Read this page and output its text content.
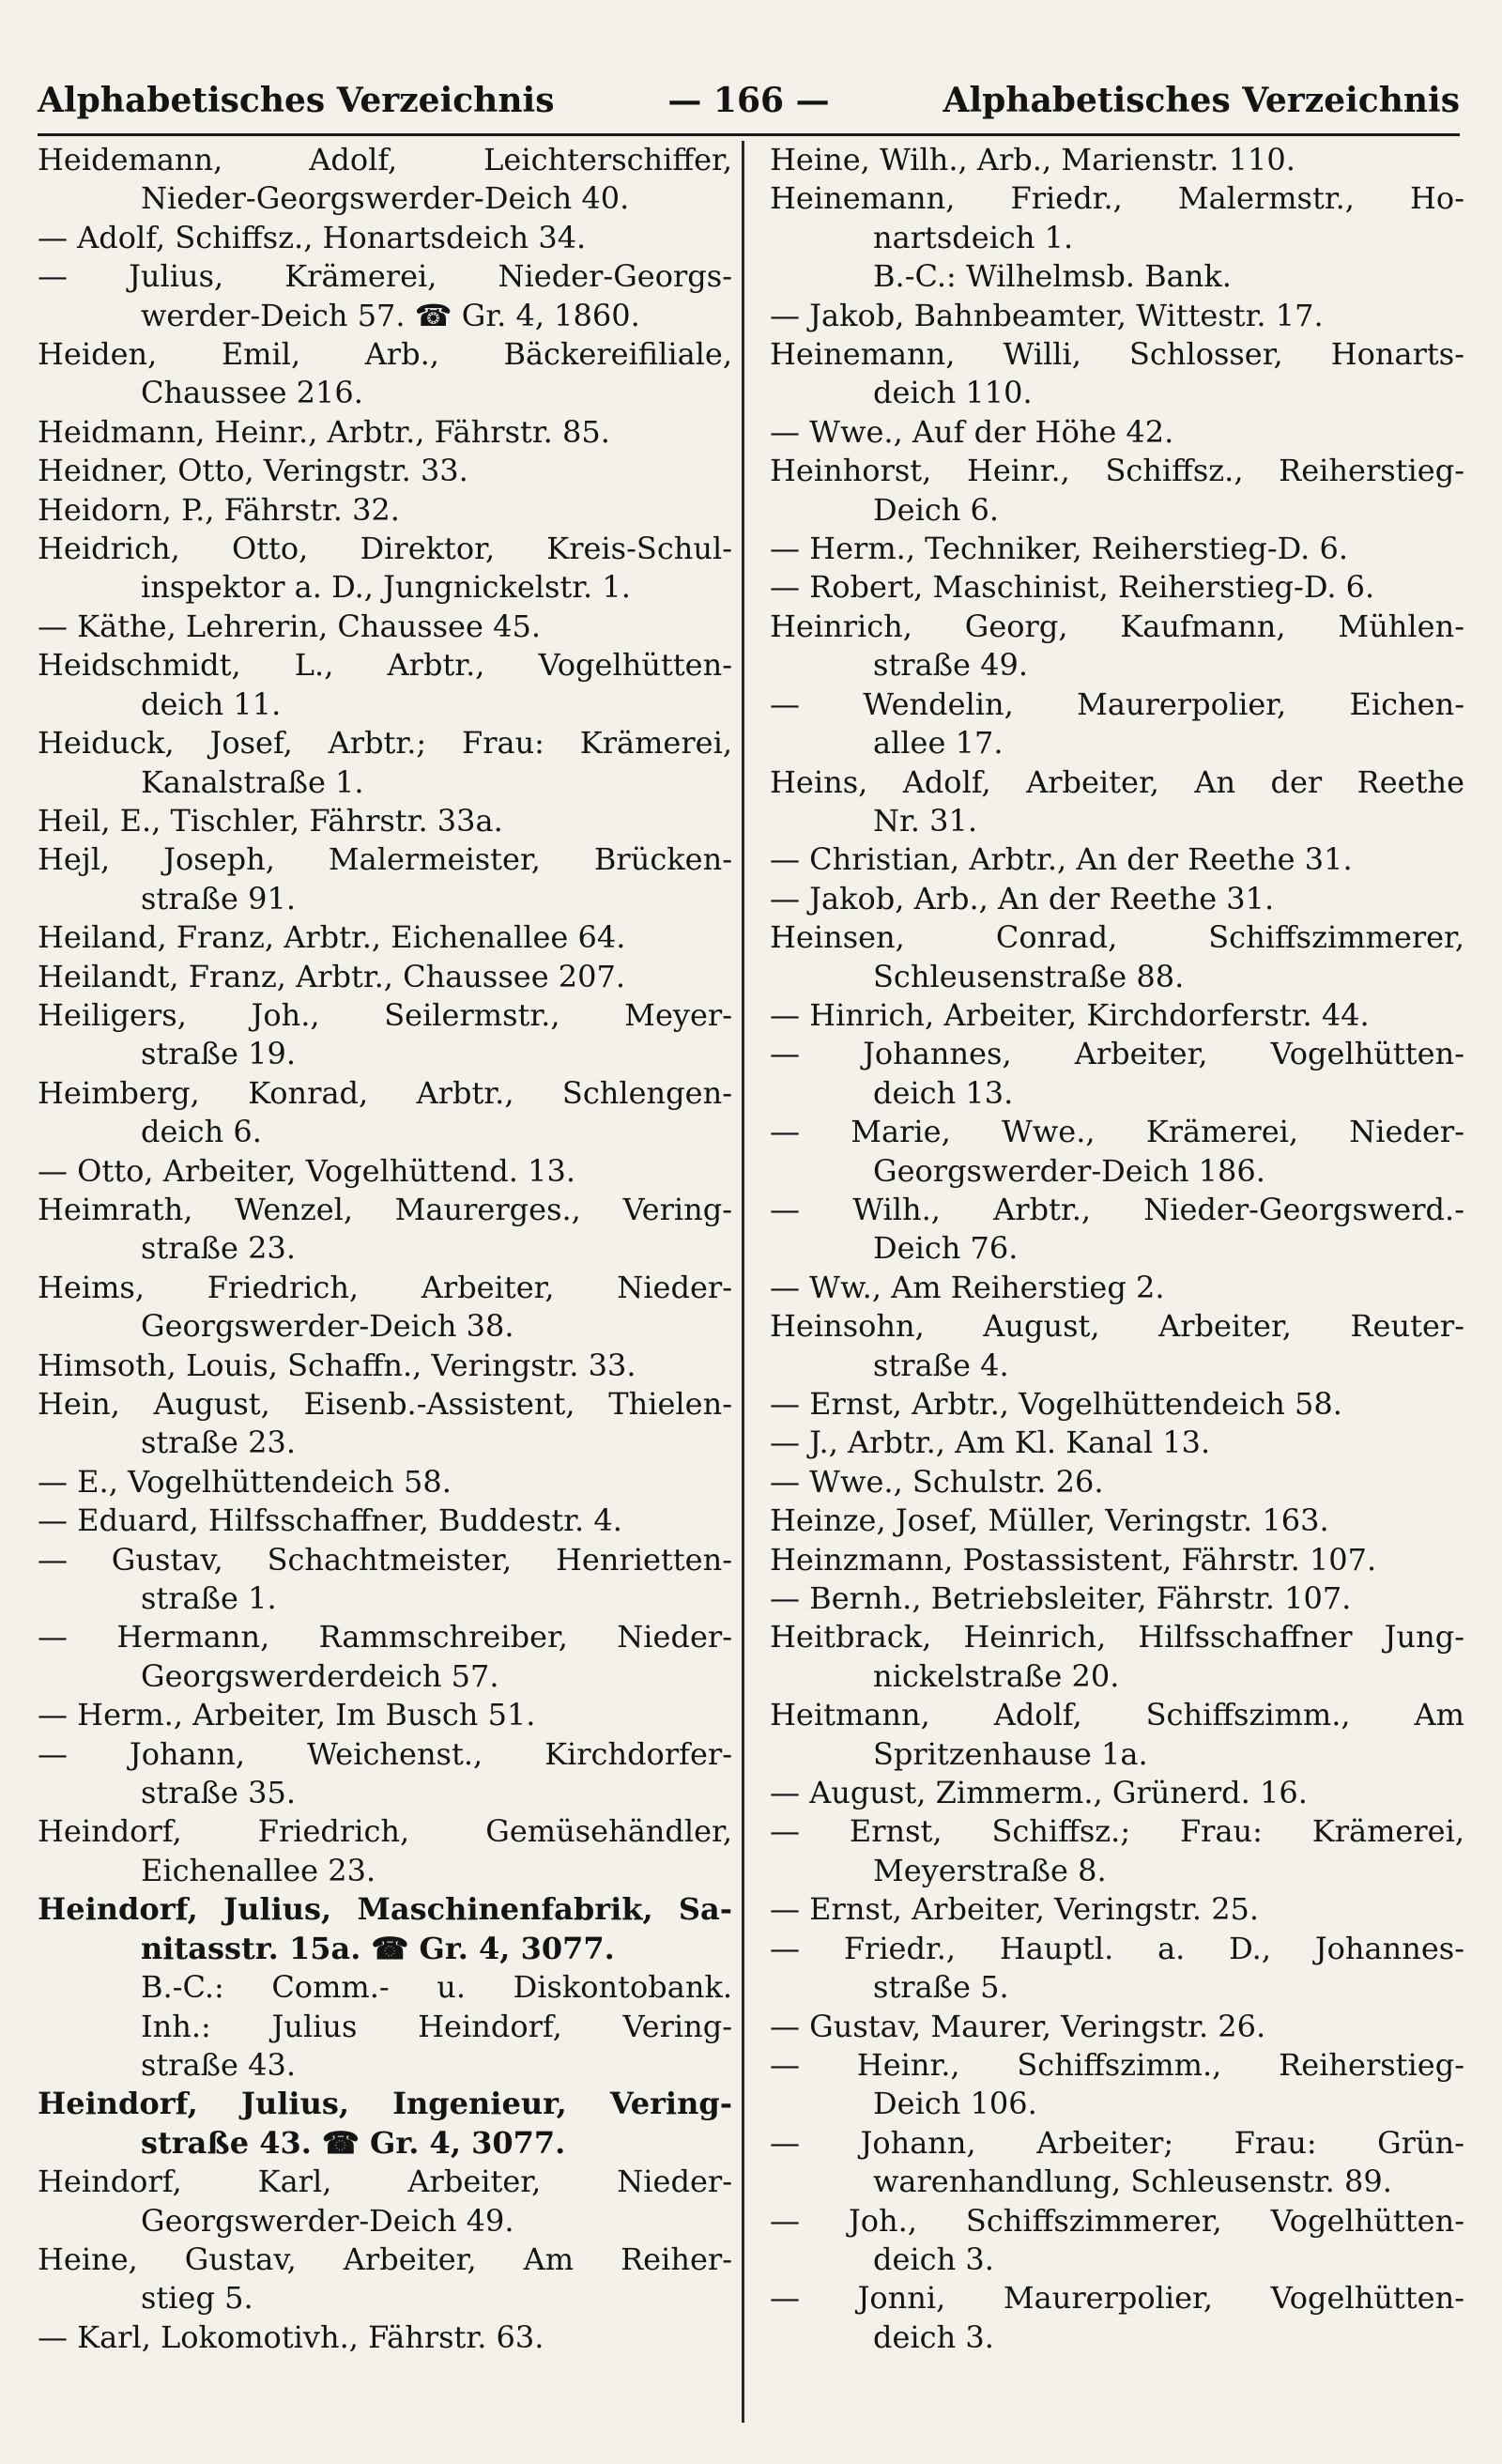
Alphabetisches Verzeichnis	— 166 —	Alphabetisches Verzeichnis
Heidemann, Adolf, Leichterschiffer,
Nieder-Georgswerder-Deich 40.
— Adolf, Schiffsz., Honartsdeich 34.
— Julius, Krämerei, Nieder-Georgs-
werder-Deich 57. ☎ Gr. 4, 1860.
Heiden, Emil, Arb., Bäckereifiliale,
Chaussee 216.
Heidmann, Heinr., Arbtr., Fährstr. 85.
Heidner, Otto, Veringstr. 33.
Heidorn, P., Fährstr. 32.
Heidrich, Otto, Direktor, Kreis-Schul-
inspektor a. D., Jungnickelstr. 1.
— Käthe, Lehrerin, Chaussee 45.
Heidschmidt, L., Arbtr., Vogelhütten-
deich 11.
Heiduck, Josef, Arbtr.; Frau: Krämerei,
Kanalstraße 1.
Heil, E., Tischler, Fährstr. 33a.
Hejl, Joseph, Malermeister, Brücken-
straße 91.
Heiland, Franz, Arbtr., Eichenallee 64.
Heilandt, Franz, Arbtr., Chaussee 207.
Heiligers, Joh., Seilermstr., Meyer-
straße 19.
Heimberg, Konrad, Arbtr., Schlengen-
deich 6.
— Otto, Arbeiter, Vogelhüttend. 13.
Heimrath, Wenzel, Maurerges., Vering-
straße 23.
Heims, Friedrich, Arbeiter, Nieder-
Georgswerder-Deich 38.
Himsoth, Louis, Schaffn., Veringstr. 33.
Hein, August, Eisenb.-Assistent, Thielen-
straße 23.
— E., Vogelhüttendeich 58.
— Eduard, Hilfsschaffner, Buddestr. 4.
— Gustav, Schachtmeister, Henrietten-
straße 1.
— Hermann, Rammschreiber, Nieder-
Georgswerderdeich 57.
— Herm., Arbeiter, Im Busch 51.
— Johann, Weichenst., Kirchdorfer-
straße 35.
Heindorf, Friedrich, Gemüsehändler,
Eichenallee 23.
Heindorf, Julius, Maschinenfabrik, Sa-
nitasstr. 15a. ☎ Gr. 4, 3077.
B.-C.: Comm.- u. Diskontobank.
Inh.: Julius Heindorf, Vering-
straße 43.
Heindorf, Julius, Ingenieur, Vering-
straße 43. ☎ Gr. 4, 3077.
Heindorf, Karl, Arbeiter, Nieder-
Georgswerder-Deich 49.
Heine, Gustav, Arbeiter, Am Reiher-
stieg 5.
— Karl, Lokomotivh., Fährstr. 63.
Heine, Wilh., Arb., Marienstr. 110.
Heinemann, Friedr., Malermstr., Ho-
nartsdeich 1.
B.-C.: Wilhelmsb. Bank.
— Jakob, Bahnbeamter, Wittestr. 17.
Heinemann, Willi, Schlosser, Honarts-
deich 110.
— Wwe., Auf der Höhe 42.
Heinhorst, Heinr., Schiffsz., Reiherstieg-
Deich 6.
— Herm., Techniker, Reiherstieg-D. 6.
— Robert, Maschinist, Reiherstieg-D. 6.
Heinrich, Georg, Kaufmann, Mühlen-
straße 49.
— Wendelin, Maurerpolier, Eichen-
allee 17.
Heins, Adolf, Arbeiter, An der Reethe
Nr. 31.
— Christian, Arbtr., An der Reethe 31.
— Jakob, Arb., An der Reethe 31.
Heinsen, Conrad, Schiffszimmerer,
Schleusenstraße 88.
— Hinrich, Arbeiter, Kirchdorferstr. 44.
— Johannes, Arbeiter, Vogelhütten-
deich 13.
— Marie, Wwe., Krämerei, Nieder-
Georgswerder-Deich 186.
— Wilh., Arbtr., Nieder-Georgswerd.-
Deich 76.
— Ww., Am Reiherstieg 2.
Heinsohn, August, Arbeiter, Reuter-
straße 4.
— Ernst, Arbtr., Vogelhüttendeich 58.
— J., Arbtr., Am Kl. Kanal 13.
— Wwe., Schulstr. 26.
Heinze, Josef, Müller, Veringstr. 163.
Heinzmann, Postassistent, Fährstr. 107.
— Bernh., Betriebsleiter, Fährstr. 107.
Heitbrack, Heinrich, Hilfsschaffner Jung-
nickelstraße 20.
Heitmann, Adolf, Schiffszimm., Am
Spritzenhause 1a.
— August, Zimmerm., Grünerd. 16.
— Ernst, Schiffsz.; Frau: Krämerei,
Meyerstraße 8.
— Ernst, Arbeiter, Veringstr. 25.
— Friedr., Hauptl. a. D., Johannes-
straße 5.
— Gustav, Maurer, Veringstr. 26.
— Heinr., Schiffszimm., Reiherstieg-
Deich 106.
— Johann, Arbeiter; Frau: Grün-
warenhandlung, Schleusenstr. 89.
— Joh., Schiffszimmerer, Vogelhütten-
deich 3.
— Jonni, Maurerpolier, Vogelhütten-
deich 3.
